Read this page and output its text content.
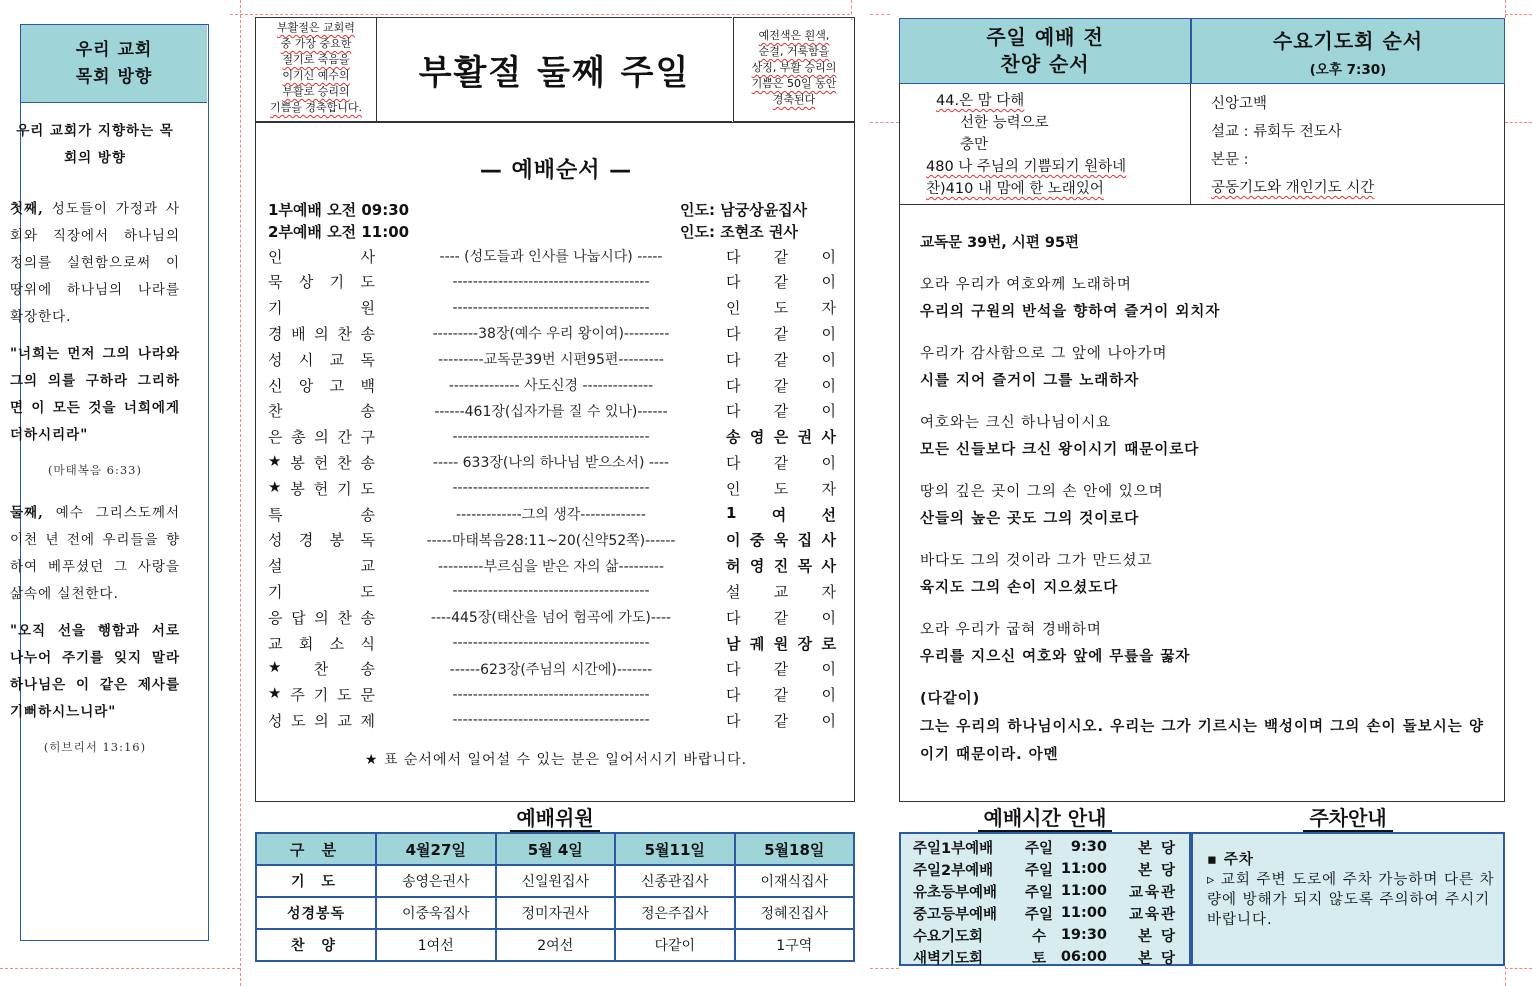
우리 교회
목회 방향

우리 교회가 지향하는 목회의 방향

첫째, 성도들이 가정과 사회와 직장에서 하나님의 정의를 실현함으로써 이 땅위에 하나님의 나라를 확장한다.

"너희는 먼저 그의 나라와 그의 의를 구하라 그리하면 이 모든 것을 너희에게 더하시리라"

(마태복음 6:33)

둘째, 예수 그리스도께서 이천 년 전에 우리들을 향하여 베푸셨던 그 사랑을 삶속에 실천한다.

"오직 선을 행함과 서로 나누어 주기를 잊지 말라 하나님은 이 같은 제사를 기뻐하시느니라"

(히브리서 13:16)

부활절은 교회력
중 가장 중요한
절기로 죽음을
이기신 예수의
부활로 승리의
기쁨을 경축합니다.
부활절 둘째 주일
예전색은 흰색,
순결, 거룩함을
상징, 부활 승리의
기쁨은 50일 동안
경축된다
— 예배순서 —
1부예배 오전 09:30	인도: 남궁상윤집사
2부예배 오전 11:00	인도: 조현조 권사
★ 표 순서에서 일어설 수 있는 분은 일어서시기 바랍니다.
인	사	---- (성도들과 인사를 나눕시다) -----	다 같 이
묵 상 기 도	---------------------------------------	다 같 이
기	원	---------------------------------------	인 도 자
경 배 의 찬 송	---------38장(예수 우리 왕이여)---------	다 같 이
성 시 교 독	---------교독문39번 시편95편---------	다 같 이
신 앙 고 백	-------------- 사도신경 --------------	다 같 이
찬	송	------461장(십자가를 질 수 있나)------	다 같 이
은 총 의 간 구	---------------------------------------	송 영 은 권 사
★ 봉 헌 찬 송	----- 633장(나의 하나님 받으소서) ----	다 같 이
★ 봉 헌 기 도	---------------------------------------	인 도 자
특	송	-------------그의 생각-------------	1 여 선
성 경 봉 독	-----마태복음28:11~20(신약52쪽)------	이 중 욱 집 사
설	교	---------부르심을 받은 자의 삶---------	허 영 진 목 사
기	도	---------------------------------------	설 교 자
응 답 의 찬 송	----445장(태산을 넘어 험곡에 가도)----	다 같 이
교 회 소 식	---------------------------------------	남 궤 원 장 로
★ 찬 송	------623장(주님의 시간에)-------	다 같 이
★ 주 기 도 문	---------------------------------------	다 같 이
성 도 의 교 제	---------------------------------------	다 같 이
예배위원
구 분	4월27일	5월 4일	5월11일	5월18일
기 도	송영은권사	신일원집사	신종관집사	이재식집사
성경봉독	이중욱집사	정미자권사	정은주집사	정혜진집사
찬 양	1여선	2여선	다같이	1구역
주일 예배 전
찬양 순서
수요기도회 순서
(오후 7:30)
44.온 맘 다해
선한 능력으로
충만
480 나 주님의 기쁨되기 원하네
찬)410 내 맘에 한 노래있어
신앙고백
설교 : 류회두 전도사
본문 :
공동기도와 개인기도 시간
교독문 39번, 시편 95편
오라 우리가 여호와께 노래하며
우리의 구원의 반석을 향하여 즐거이 외치자
우리가 감사함으로 그 앞에 나아가며
시를 지어 즐거이 그를 노래하자
여호와는 크신 하나님이시요
모든 신들보다 크신 왕이시기 때문이로다
땅의 깊은 곳이 그의 손 안에 있으며
산들의 높은 곳도 그의 것이로다
바다도 그의 것이라 그가 만드셨고
육지도 그의 손이 지으셨도다
오라 우리가 굽혀 경배하며
우리를 지으신 여호와 앞에 무릎을 꿇자
(다같이)
그는 우리의 하나님이시오. 우리는 그가 기르시는 백성이며 그의 손이 돌보시는 양이기 때문이라. 아멘
예배시간 안내	주차안내
주일1부예배	주일	9:30	본 당
주일2부예배	주일 11:00	본 당
유초등부예배	주일 11:00	교육관
중고등부예배	주일 11:00	교육관
수요기도회	수	19:30	본 당
새벽기도회	토	06:00	본 당
▪ 주차
▹ 교회 주변 도로에 주차 가능하며 다른 차량에 방해가 되지 않도록 주의하여 주시기 바랍니다.
